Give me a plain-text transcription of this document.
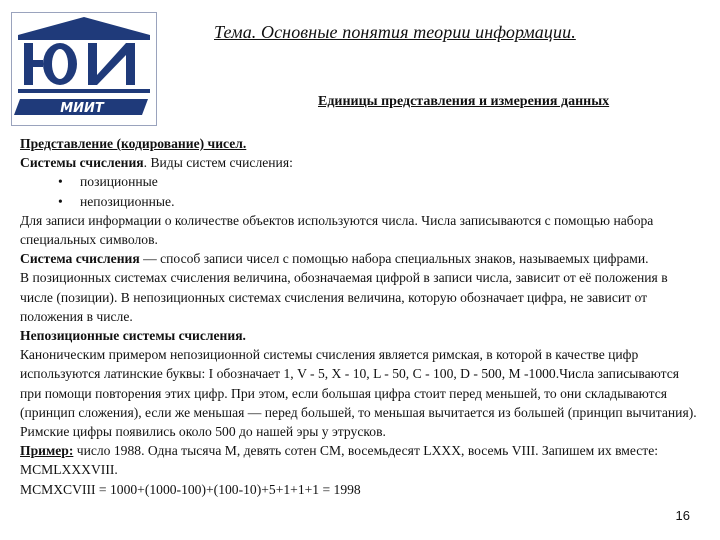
МИИТ
Тема. Основные понятия теории информации.
Единицы представления и измерения данных

Представление (кодирование) чисел.

Системы счисления. Виды систем счисления:

• позиционные

• непозиционные.

Для записи информации о количестве объектов используются числа. Числа записываются с помощью набора специальных символов.

Система счисления — способ записи чисел с помощью набора специальных знаков, называемых цифрами.

В позиционных системах счисления величина, обозначаемая цифрой в записи числа, зависит от её положения в числе (позиции). В непозиционных системах счисления величина, которую обозначает цифра, не зависит от положения в числе.

Непозиционные системы счисления.

Каноническим примером непозиционной системы счисления является римская, в которой в качестве цифр используются латинские буквы: I обозначает 1, V - 5, X - 10, L - 50, C - 100, D - 500, M -1000.Числа записываются при помощи повторения этих цифр. При этом, если большая цифра стоит перед меньшей, то они складываются (принцип сложения), если же меньшая — перед большей, то меньшая вычитается из большей (принцип вычитания).

Римские цифры появились около 500 до нашей эры у этрусков.

Пример: число 1988. Одна тысяча M, девять сотен CM, восемьдесят LXXX, восемь VIII. Запишем их вместе: MCMLXXXVIII.

MCMXCVIII = 1000+(1000-100)+(100-10)+5+1+1+1 = 1998

16
